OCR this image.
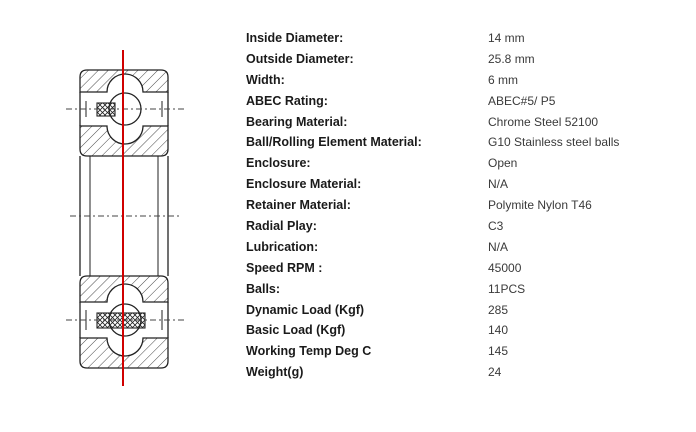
Inside Diameter:	14 mm
Outside Diameter:	25.8 mm
Width:	6 mm
ABEC Rating:	ABEC#5/ P5
Bearing Material:	Chrome Steel 52100
Ball/Rolling Element Material:	G10 Stainless steel balls
Enclosure:	Open
Enclosure Material:	N/A
Retainer Material:	Polymite Nylon T46
Radial Play:	C3
Lubrication:	N/A
Speed RPM :	45000
Balls:	11PCS
Dynamic Load (Kgf)	285
Basic Load (Kgf)	140
Working Temp Deg C	145
Weight(g)	24
